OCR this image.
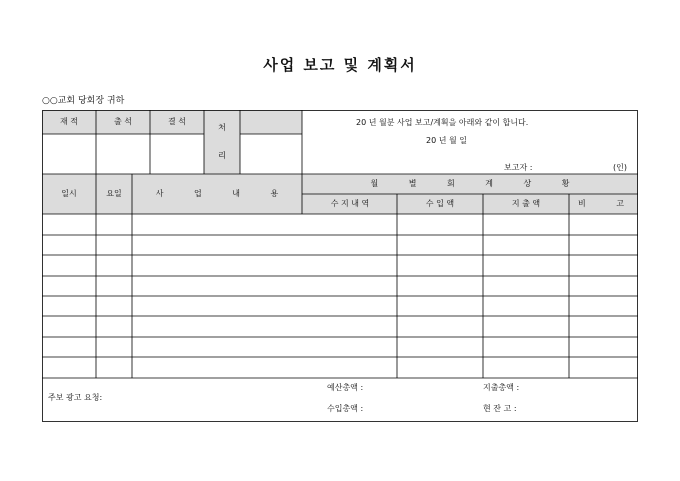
사업 보고 및 계획서
○○교회 당회장 귀하
재 적	출 석	결 석
처
리
20 년 월분 사업 보고/계획을 아래와 같이 합니다.
20 년 월 일
보고자 :	(인)
일시	요일	사 업 내 용
월 별 회 계 상 황
수 지 내 역	수 입 액	지 출 액	비 고
주보 광고 요청:
예산총액 :	지출총액 :
수입총액 :	현 잔 고 :
